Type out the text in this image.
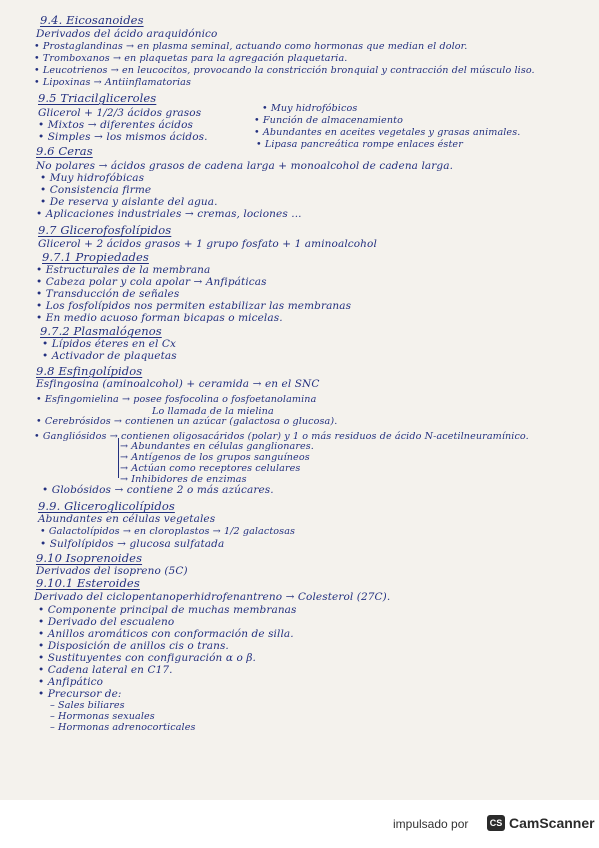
9.4. Eicosanoides
Derivados del ácido araquidónico
• Prostaglandinas → en plasma seminal, actuando como hormonas que median el dolor.
• Tromboxanos → en plaquetas para la agregación plaquetaria.
• Leucotrienos → en leucocitos, provocando la constricción bronquial y contracción del músculo liso.
• Lipoxinas → Antiinflamatorias
9.5 Triacilgliceroles
Glicerol + 1/2/3 ácidos grasos	• Muy hidrofóbicos
• Mixtos → diferentes ácidos	• Función de almacenamiento
• Simples → los mismos ácidos.	• Abundantes en aceites vegetales y grasas animales.
• Lipasa pancreática rompe enlaces éster
9.6 Ceras
No polares → ácidos grasos de cadena larga + monoalcohol de cadena larga.
• Muy hidrofóbicas
• Consistencia firme
• De reserva y aislante del agua.
• Aplicaciones industriales → cremas, lociones ...
9.7 Glicerofosfolípidos
Glicerol + 2 ácidos grasos + 1 grupo fosfato + 1 aminoalcohol
9.7.1 Propiedades
• Estructurales de la membrana
• Cabeza polar y cola apolar → Anfipáticas
• Transducción de señales
• Los fosfolípidos nos permiten estabilizar las membranas
• En medio acuoso forman bicapas o micelas.
9.7.2 Plasmalógenos
• Lípidos éteres en el Cx
• Activador de plaquetas
9.8 Esfingolípidos
Esfingosina (aminoalcohol) + ceramida → en el SNC
• Esfingomielina → posee fosfocolina o fosfoetanolamina
Lo llamada de la mielina
• Cerebrósidos → contienen un azúcar (galactosa o glucosa).
• Gangliósidos → contienen oligosacáridos (polar) y 1 o más residuos de ácido N-acetilneuramínico.
→ Abundantes en células ganglionares.
→ Antígenos de los grupos sanguíneos
→ Actúan como receptores celulares
→ Inhibidores de enzimas
• Globósidos → contiene 2 o más azúcares.
9.9. Gliceroglicolípidos
Abundantes en células vegetales
• Galactolípidos → en cloroplastos → 1/2 galactosas
• Sulfolípidos → glucosa sulfatada
9.10 Isoprenoides
Derivados del isopreno (5C)
9.10.1 Esteroides
Derivado del ciclopentanoperhidrofenantreno → Colesterol (27C).
• Componente principal de muchas membranas
• Derivado del escualeno
• Anillos aromáticos con conformación de silla.
• Disposición de anillos cis o trans.
• Sustituyentes con configuración α o β.
• Cadena lateral en C17.
• Anfipático
• Precursor de:
– Sales biliares
– Hormonas sexuales
– Hormonas adrenocorticales
impulsado por	CS CamScanner
